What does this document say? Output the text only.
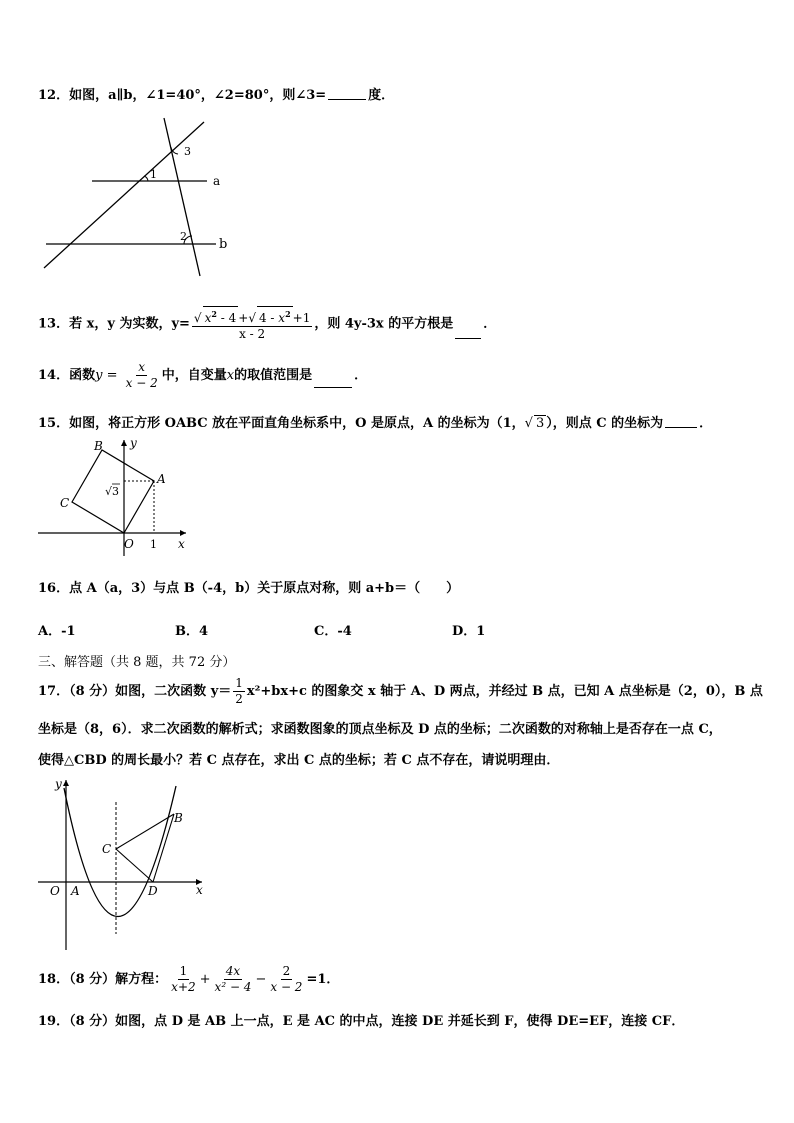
12．如图，a∥b，∠1=40°，∠2=80°，则∠3=	度．
1
2
3
a
b
13．若 x，y 为实数，$y= \frac{√ x^2 - 4 +√ 4 - x^2 +1}{x - 2}$ ，则 4y-3x 的平方根是 ．
14．函数$y = \frac{x}{x - 2}$ 中，自变量x的取值范围是	．
15．如图，将正方形 OABC 放在平面直角坐标系中，O 是原点，A 的坐标为（1，√ 3 ），则点 C 的坐标为	．
B
A
C
O
y
x
1
√ 3
16．点 A（a，3）与点 B（-4，b）关于原点对称，则 a+b＝（　　）
A．-1	B．4	C．-4	D．1
三、解答题（共 8 题，共 72 分）
17．（8 分）如图，二次函数 $y= \frac{1}{2} x^2+bx+c$ 的图象交 x 轴于 A、D 两点，并经过 B 点，已知 A 点坐标是（2，0），B 点
坐标是（8，6）．求二次函数的解析式；求函数图象的顶点坐标及 D 点的坐标；二次函数的对称轴上是否存在一点 C，
使得△CBD 的周长最小？若 C 点存在，求出 C 点的坐标；若 C 点不存在，请说明理由．
y
x
O A	D
C
B
18．（8 分）解方程： $\frac{1}{x+2} + \frac{4x}{\text{x² − 4}} - \frac{2}{x - 2} =1$．
19．（8 分）如图，点 D 是 AB 上一点，E 是 AC 的中点，连接 DE 并延长到 F，使得 DE=EF，连接 CF．
